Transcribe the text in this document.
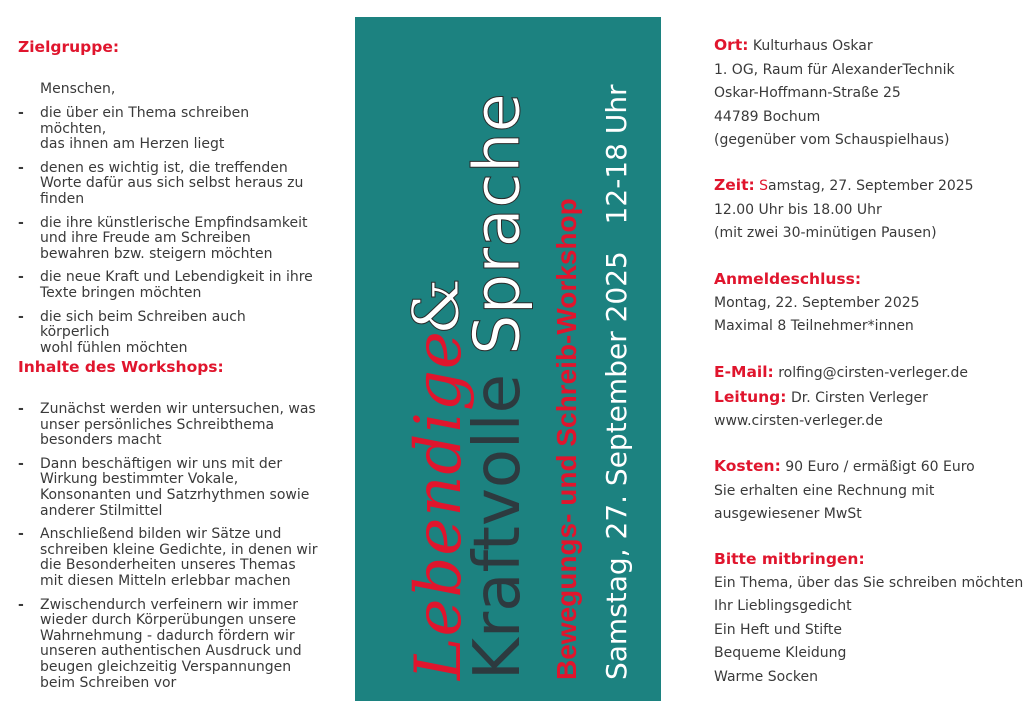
Zielgruppe:
Menschen,
- die über ein Thema schreiben möchten,
das ihnen am Herzen liegt
- denen es wichtig ist, die treffenden
Worte dafür aus sich selbst heraus zu
finden
- die ihre künstlerische Empfindsamkeit
und ihre Freude am Schreiben
bewahren bzw. steigern möchten
- die neue Kraft und Lebendigkeit in ihre
Texte bringen möchten
- die sich beim Schreiben auch körperlich
wohl fühlen möchten
Inhalte des Workshops:
- Zunächst werden wir untersuchen, was
unser persönliches Schreibthema
besonders macht
- Dann beschäftigen wir uns mit der
Wirkung bestimmter Vokale,
Konsonanten und Satzrhythmen sowie
anderer Stilmittel
- Anschließend bilden wir Sätze und
schreiben kleine Gedichte, in denen wir
die Besonderheiten unseres Themas
mit diesen Mitteln erlebbar machen
- Zwischendurch verfeinern wir immer
wieder durch Körperübungen unsere
Wahrnehmung - dadurch fördern wir
unseren authentischen Ausdruck und
beugen gleichzeitig Verspannungen
beim Schreiben vor
Lebendige
&
Kraftvolle
Sprache Bewegungs- und Schreib-Workshop Samstag, 27. September 2025   12-18 Uhr
Ort: Kulturhaus Oskar
1. OG, Raum für AlexanderTechnik
Oskar-Hoffmann-Straße 25
44789 Bochum
(gegenüber vom Schauspielhaus)
Zeit: Samstag, 27. September 2025
12.00 Uhr bis 18.00 Uhr
(mit zwei 30-minütigen Pausen)
Anmeldeschluss:
Montag, 22. September 2025
Maximal 8 Teilnehmer*innen
E-Mail: rolfing@cirsten-verleger.de
Leitung: Dr. Cirsten Verleger
www.cirsten-verleger.de
Kosten: 90 Euro / ermäßigt 60 Euro
Sie erhalten eine Rechnung mit
ausgewiesener MwSt
Bitte mitbringen:
Ein Thema, über das Sie schreiben möchten
Ihr Lieblingsgedicht
Ein Heft und Stifte
Bequeme Kleidung
Warme Socken
